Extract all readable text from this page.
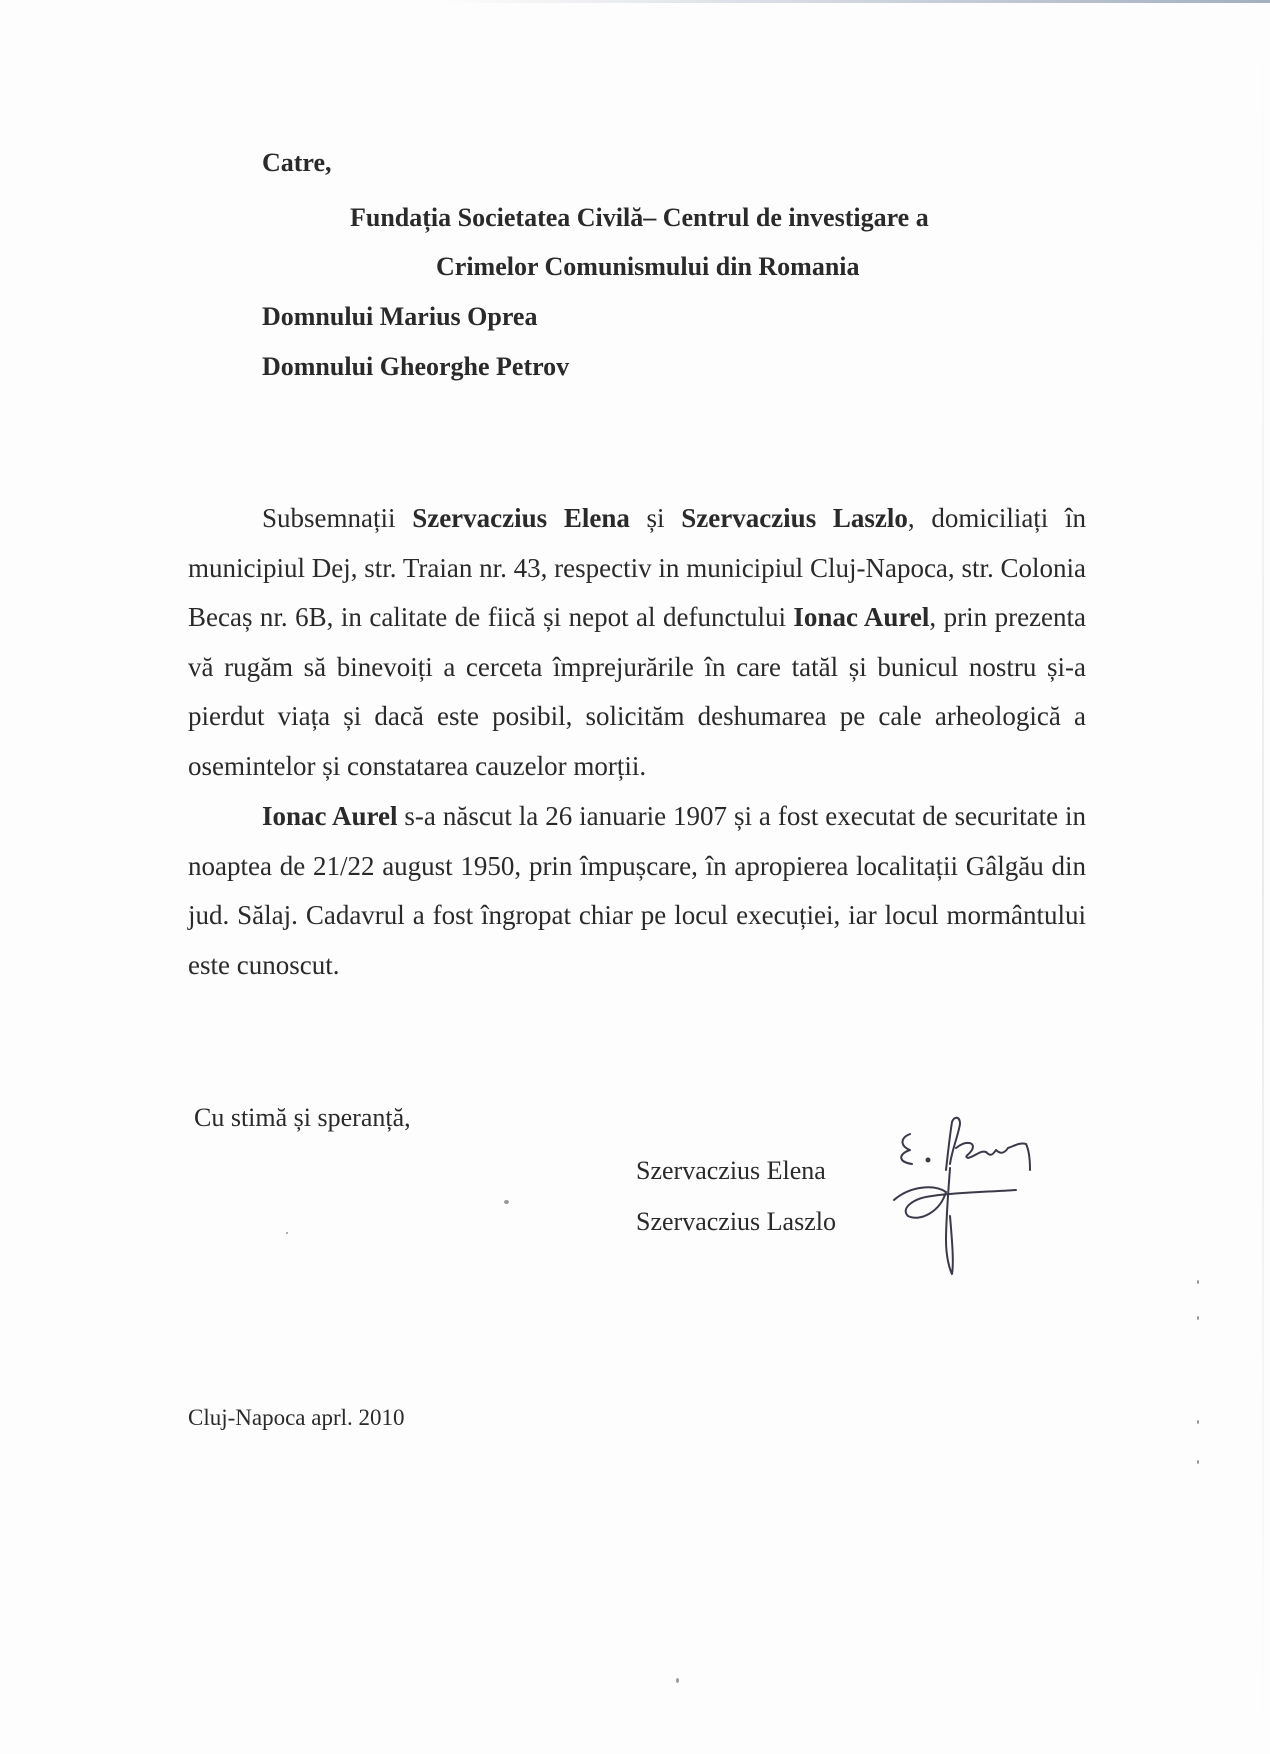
Catre,
Fundația Societatea Civilă– Centrul de investigare a
Crimelor Comunismului din Romania
Domnului Marius Oprea
Domnului Gheorghe Petrov

Subsemnații Szervaczius Elena și Szervaczius Laszlo, domiciliați în municipiul Dej, str. Traian nr. 43, respectiv in municipiul Cluj-Napoca, str. Colonia Becaș nr. 6B, in calitate de fiică și nepot al defunctului Ionac Aurel, prin prezenta vă rugăm să binevoiți a cerceta împrejurările în care tatăl și bunicul nostru și-a pierdut viața și dacă este posibil, solicităm deshumarea pe cale arheologică a osemintelor și constatarea cauzelor morții.

Ionac Aurel s-a născut la 26 ianuarie 1907 și a fost executat de securitate in noaptea de 21/22 august 1950, prin împușcare, în apropierea localitații Gâlgău din jud. Sălaj. Cadavrul a fost îngropat chiar pe locul execuției, iar locul mormântului este cunoscut.

Cu stimă și speranță,
Szervaczius Elena
Szervaczius Laszlo
Cluj-Napoca aprl. 2010
